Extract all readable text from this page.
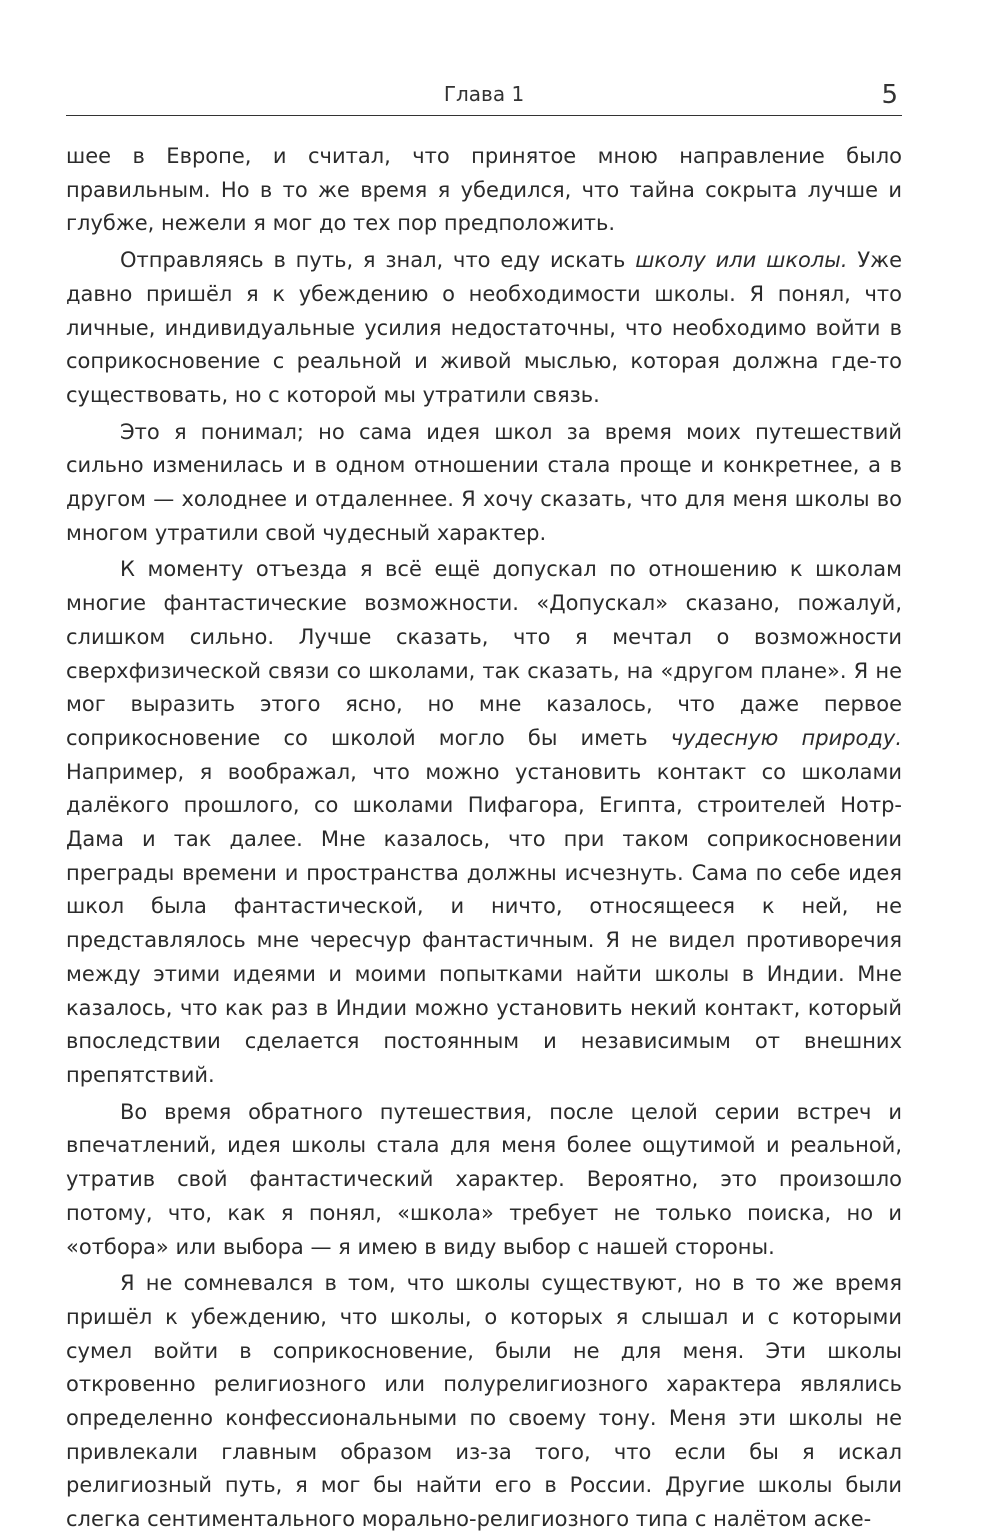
Глава 1	5

шее в Европе, и считал, что принятое мною направление было правильным. Но в то же время я убедился, что тайна сокрыта лучше и глубже, нежели я мог до тех пор предположить.

Отправляясь в путь, я знал, что еду искать школу или школы. Уже давно пришёл я к убеждению о необходимости школы. Я понял, что личные, индивидуальные усилия недостаточны, что необходимо войти в соприкосновение с реальной и живой мыслью, которая должна где-то существовать, но с которой мы утратили связь.

Это я понимал; но сама идея школ за время моих путешествий сильно изменилась и в одном отношении стала проще и конкретнее, а в другом — холоднее и отдаленнее. Я хочу сказать, что для меня школы во многом утратили свой чудесный характер.

К моменту отъезда я всё ещё допускал по отношению к школам многие фантастические возможности. «Допускал» сказано, пожалуй, слишком сильно. Лучше сказать, что я мечтал о возможности сверхфизической связи со школами, так сказать, на «другом плане». Я не мог выразить этого ясно, но мне казалось, что даже первое соприкосновение со школой могло бы иметь чудесную природу. Например, я воображал, что можно установить контакт со школами далёкого прошлого, со школами Пифагора, Египта, строителей Нотр-Дама и так далее. Мне казалось, что при таком соприкосновении преграды времени и пространства должны исчезнуть. Сама по себе идея школ была фантастической, и ничто, относящееся к ней, не представлялось мне чересчур фантастичным. Я не видел противоречия между этими идеями и моими попытками найти школы в Индии. Мне казалось, что как раз в Индии можно установить некий контакт, который впоследствии сделается постоянным и независимым от внешних препятствий.

Во время обратного путешествия, после целой серии встреч и впечатлений, идея школы стала для меня более ощутимой и реальной, утратив свой фантастический характер. Вероятно, это произошло потому, что, как я понял, «школа» требует не только поиска, но и «отбора» или выбора — я имею в виду выбор с нашей стороны.

Я не сомневался в том, что школы существуют, но в то же время пришёл к убеждению, что школы, о которых я слышал и с которыми сумел войти в соприкосновение, были не для меня. Эти школы откровенно религиозного или полурелигиозного характера являлись определенно конфессиональными по своему тону. Меня эти школы не привлекали главным образом из-за того, что если бы я искал религиозный путь, я мог бы найти его в России. Другие школы были слегка сентиментального морально-религиозного типа с налётом аске-
